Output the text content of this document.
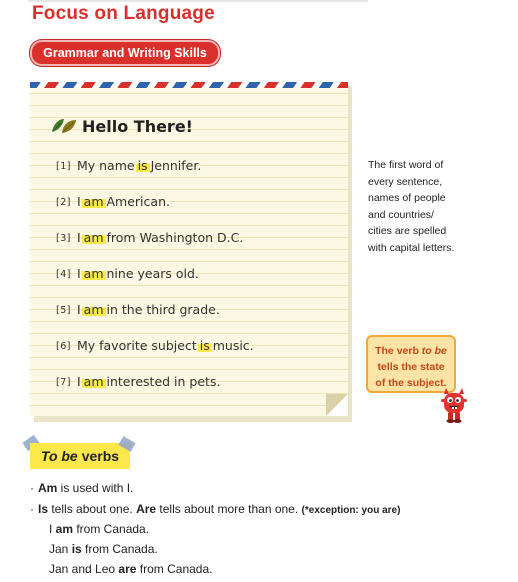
Focus on Language
Grammar and Writing Skills
Hello There!
[1] My name is Jennifer.
[2] I am American.
[3] I am from Washington D.C.
[4] I am nine years old.
[5] I am in the third grade.
[6] My favorite subject is music.
[7] I am interested in pets.
The first word of
every sentence,
names of people
and countries/
cities are spelled
with capital letters.
The verb to be
tells the state
of the subject.
To be verbs
· Am is used with I.
· Is tells about one. Are tells about more than one. (*exception: you are)
I am from Canada.
Jan is from Canada.
Jan and Leo are from Canada.
